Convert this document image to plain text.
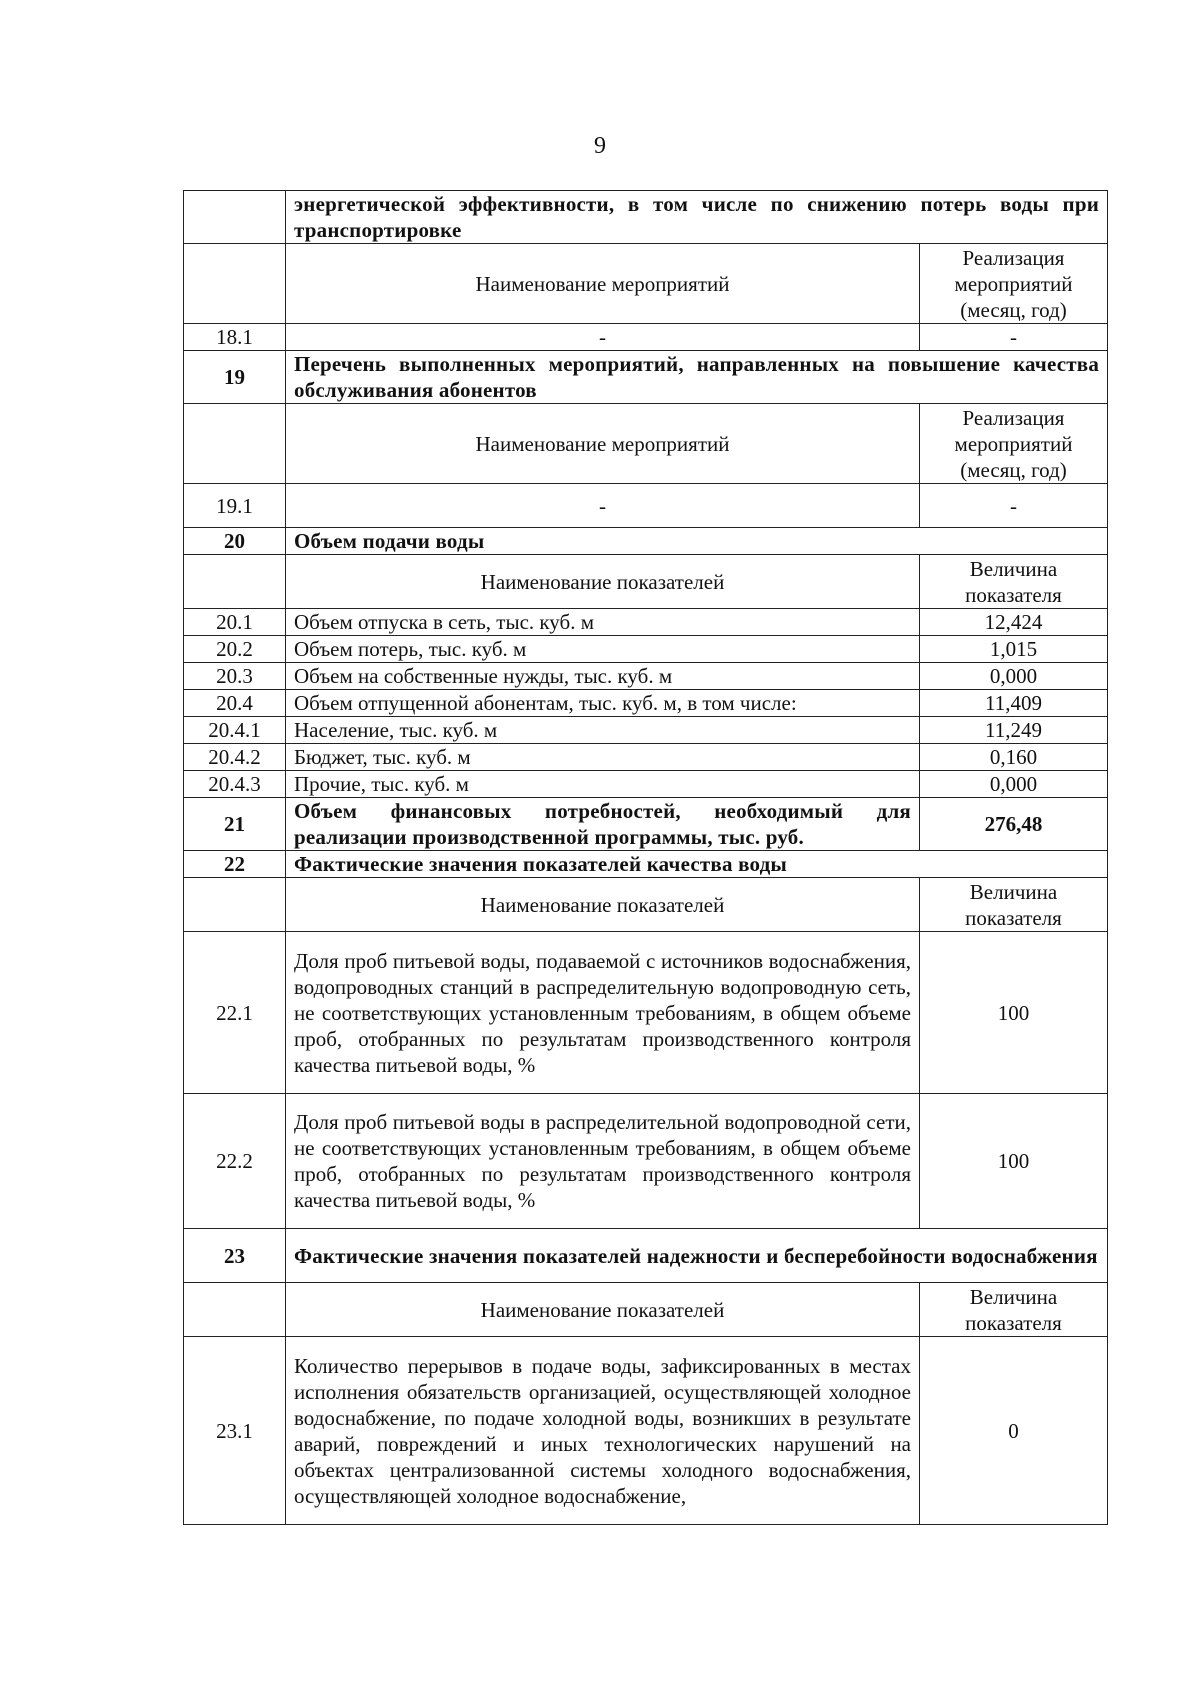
9
	энергетической эффективности, в том числе по снижению потерь воды при транспортировке	
	Наименование мероприятий	Реализация мероприятий (месяц, год)
18.1	-	-
19	Перечень выполненных мероприятий, направленных на повышение качества обслуживания абонентов	
	Наименование мероприятий	Реализация мероприятий (месяц, год)
19.1	-	-
20	Объем подачи воды	
	Наименование показателей	Величина показателя
20.1	Объем отпуска в сеть, тыс. куб. м	12,424
20.2	Объем потерь, тыс. куб. м	1,015
20.3	Объем на собственные нужды, тыс. куб. м	0,000
20.4	Объем отпущенной абонентам, тыс. куб. м, в том числе:	11,409
20.4.1	Население, тыс. куб. м	11,249
20.4.2	Бюджет, тыс. куб. м	0,160
20.4.3	Прочие, тыс. куб. м	0,000
21	Объем финансовых потребностей, необходимый для реализации производственной программы, тыс. руб.	276,48
22	Фактические значения показателей качества воды	
	Наименование показателей	Величина показателя
22.1	Доля проб питьевой воды, подаваемой с источников водоснабжения, водопроводных станций в распределительную водопроводную сеть, не соответствующих установленным требованиям, в общем объеме проб, отобранных по результатам производственного контроля качества питьевой воды, %	100
22.2	Доля проб питьевой воды в распределительной водопроводной сети, не соответствующих установленным требованиям, в общем объеме проб, отобранных по результатам производственного контроля качества питьевой воды, %	100
23	Фактические значения показателей надежности и бесперебойности водоснабжения	
	Наименование показателей	Величина показателя
23.1	Количество перерывов в подаче воды, зафиксированных в местах исполнения обязательств организацией, осуществляющей холодное водоснабжение, по подаче холодной воды, возникших в результате аварий, повреждений и иных технологических нарушений на объектах централизованной системы холодного водоснабжения, осуществляющей холодное водоснабжение,	0
